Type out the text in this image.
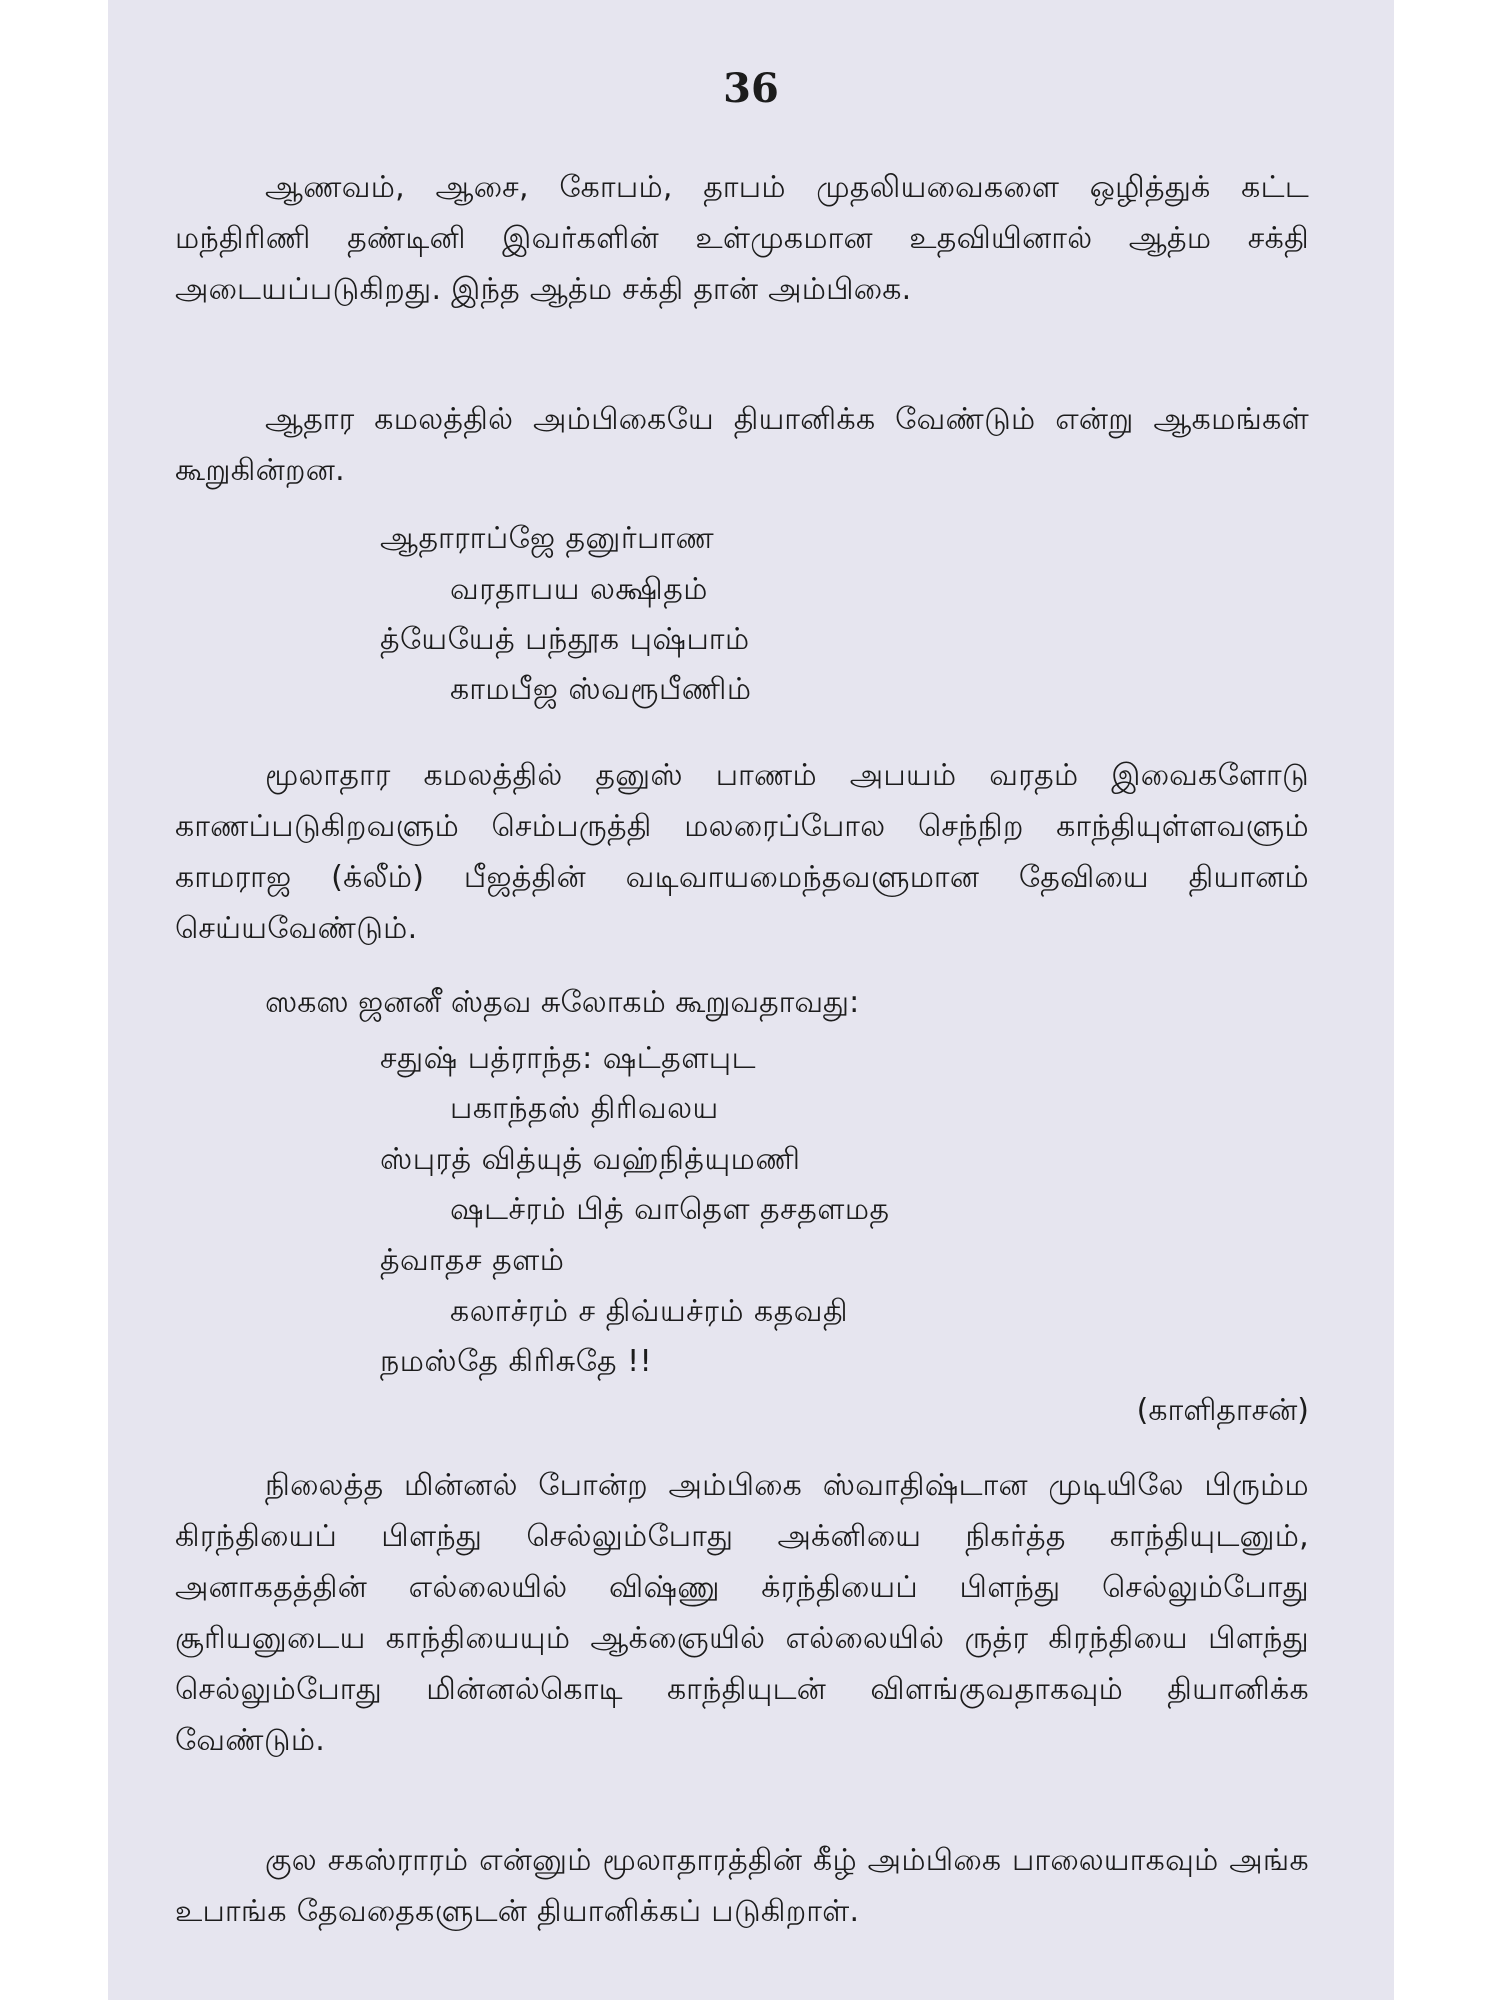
36

ஆணவம், ஆசை, கோபம், தாபம் முதலியவைகளை ஒழித்துக் கட்ட மந்திரிணி தண்டினி இவர்களின் உள்முகமான உதவியினால் ஆத்ம சக்தி அடையப்படுகிறது. இந்த ஆத்ம சக்தி தான் அம்பிகை.

ஆதார கமலத்தில் அம்பிகையே தியானிக்க வேண்டும் என்று ஆகமங்கள் கூறுகின்றன.

ஆதாராப்ஜே தனுர்பாண

வரதாபய லக்ஷிதம்

த்யேயேத் பந்தூக புஷ்பாம்

காமபீஜ ஸ்வரூபீணிம்

மூலாதார கமலத்தில் தனுஸ் பாணம் அபயம் வரதம் இவைகளோடு காணப்படுகிறவளும் செம்பருத்தி மலரைப்போல செந்நிற காந்தியுள்ளவளும் காமராஜ (க்லீம்) பீஜத்தின் வடிவாயமைந்தவளுமான தேவியை தியானம் செய்யவேண்டும்.

ஸகஸ ஜனனீ ஸ்தவ சுலோகம் கூறுவதாவது:

சதுஷ் பத்ராந்த: ஷட்தளபுட

பகாந்தஸ் திரிவலய

ஸ்புரத் வித்யுத் வஹ்நித்யுமணி

ஷடச்ரம் பித் வாதெள தசதளமத

த்வாதச தளம்

கலாச்ரம் ச திவ்யச்ரம் கதவதி

நமஸ்தே கிரிசுதே !!

(காளிதாசன்)

நிலைத்த மின்னல் போன்ற அம்பிகை ஸ்வாதிஷ்டான முடியிலே பிரும்ம கிரந்தியைப் பிளந்து செல்லும்போது அக்னியை நிகர்த்த காந்தியுடனும், அனாகதத்தின் எல்லையில் விஷ்ணு க்ரந்தியைப் பிளந்து செல்லும்போது சூரியனுடைய காந்தியையும் ஆக்ஞையில் எல்லையில் ருத்ர கிரந்தியை பிளந்து செல்லும்போது மின்னல்கொடி காந்தியுடன் விளங்குவதாகவும் தியானிக்க வேண்டும்.

குல சகஸ்ராரம் என்னும் மூலாதாரத்தின் கீழ் அம்பிகை பாலையாகவும் அங்க உபாங்க தேவதைகளுடன் தியானிக்கப் படுகிறாள்.
